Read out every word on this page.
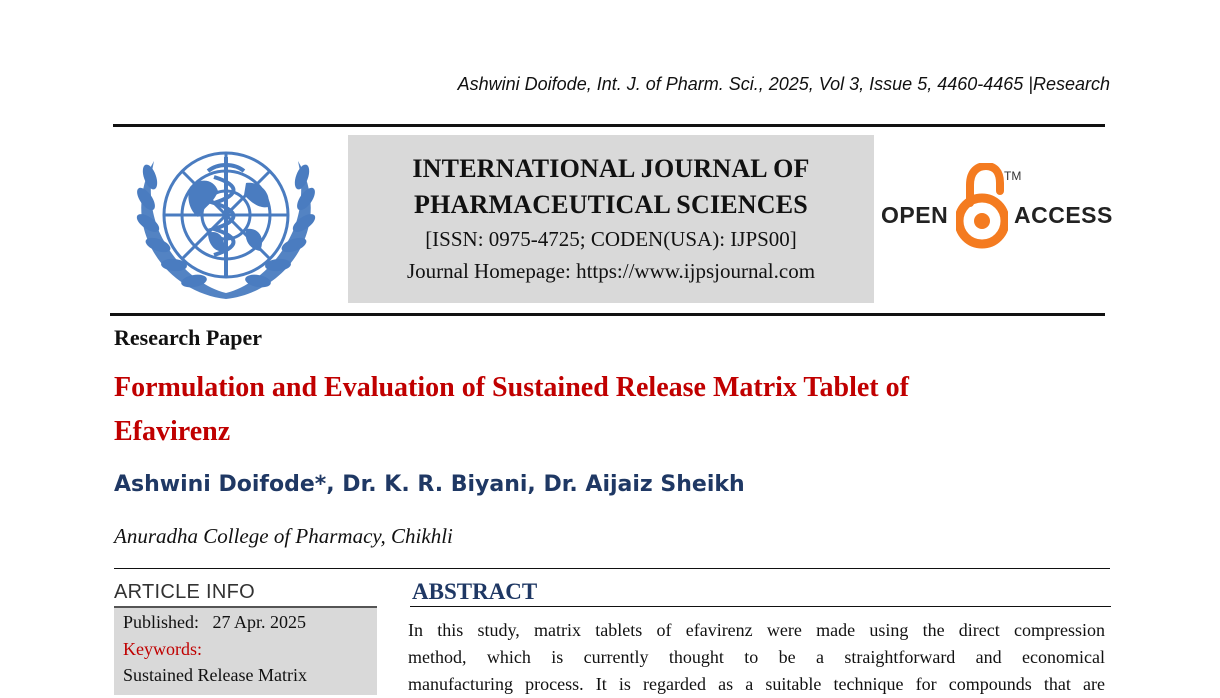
Ashwini Doifode, Int. J. of Pharm. Sci., 2025, Vol 3, Issue 5, 4460-4465 |Research
INTERNATIONAL JOURNAL OF
PHARMACEUTICAL SCIENCES
[ISSN: 0975-4725; CODEN(USA): IJPS00]
Journal Homepage: https://www.ijpsjournal.com
OPEN	ACCESS
TM
Research Paper
Formulation and Evaluation of Sustained Release Matrix Tablet of
Efavirenz
Ashwini Doifode*, Dr. K. R. Biyani, Dr. Aijaiz Sheikh
Anuradha College of Pharmacy, Chikhli
ARTICLE INFO
Published: 27 Apr. 2025
Keywords:
Sustained Release Matrix
ABSTRACT
In this study, matrix tablets of efavirenz were made using the direct compression
method, which is currently thought to be a straightforward and economical
manufacturing process. It is regarded as a suitable technique for compounds that are
